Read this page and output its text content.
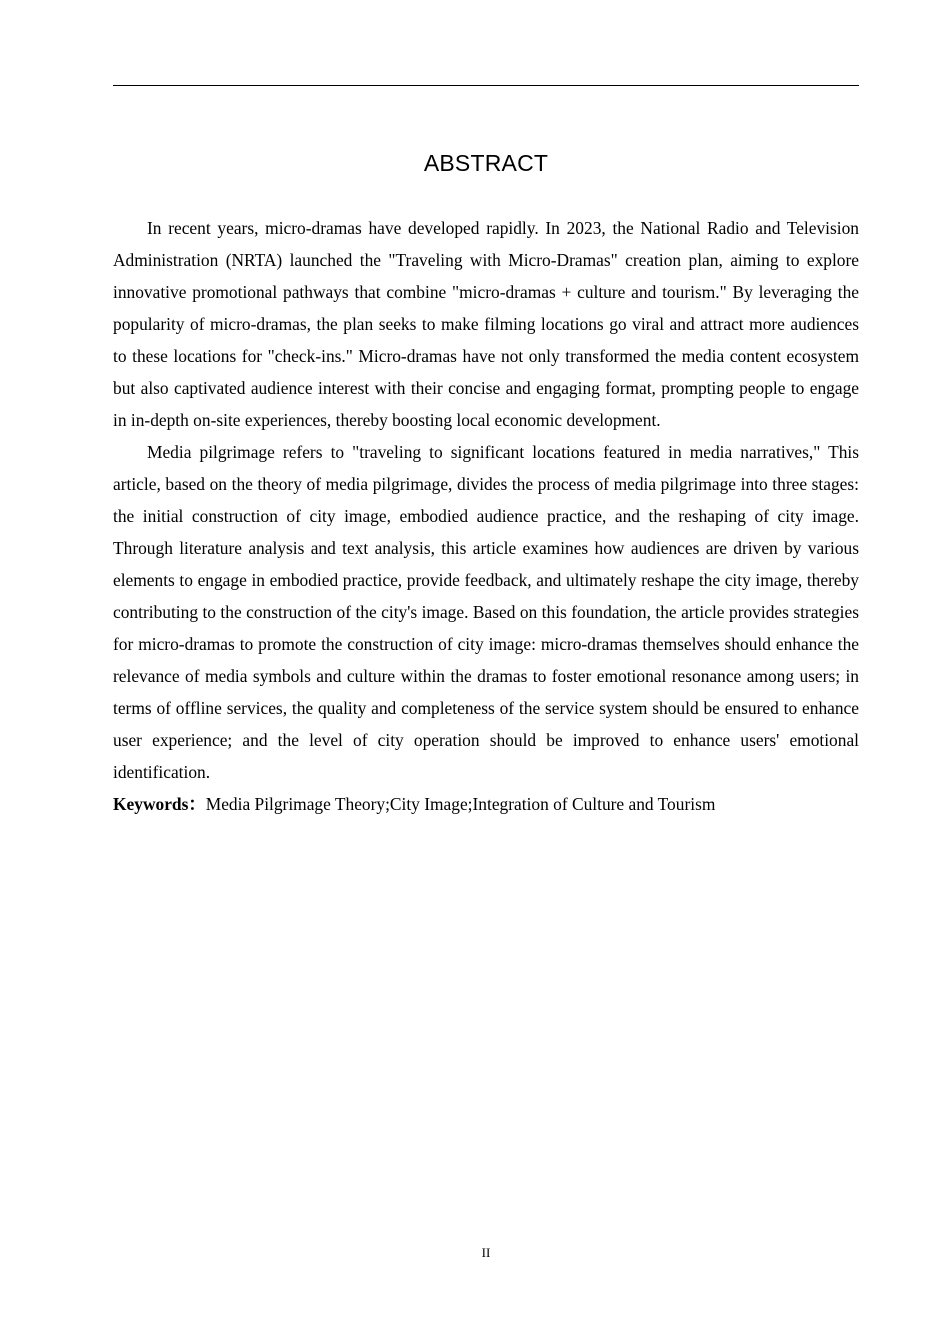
ABSTRACT

In recent years, micro-dramas have developed rapidly. In 2023, the National Radio and Television Administration (NRTA) launched the "Traveling with Micro-Dramas" creation plan, aiming to explore innovative promotional pathways that combine "micro-dramas + culture and tourism." By leveraging the popularity of micro-dramas, the plan seeks to make filming locations go viral and attract more audiences to these locations for "check-ins." Micro-dramas have not only transformed the media content ecosystem but also captivated audience interest with their concise and engaging format, prompting people to engage in in-depth on-site experiences, thereby boosting local economic development.

Media pilgrimage refers to "traveling to significant locations featured in media narratives," This article, based on the theory of media pilgrimage, divides the process of media pilgrimage into three stages: the initial construction of city image, embodied audience practice, and the reshaping of city image. Through literature analysis and text analysis, this article examines how audiences are driven by various elements to engage in embodied practice, provide feedback, and ultimately reshape the city image, thereby contributing to the construction of the city's image. Based on this foundation, the article provides strategies for micro-dramas to promote the construction of city image: micro-dramas themselves should enhance the relevance of media symbols and culture within the dramas to foster emotional resonance among users; in terms of offline services, the quality and completeness of the service system should be ensured to enhance user experience; and the level of city operation should be improved to enhance users' emotional identification.

Keywords：Media Pilgrimage Theory;City Image;Integration of Culture and Tourism

II
